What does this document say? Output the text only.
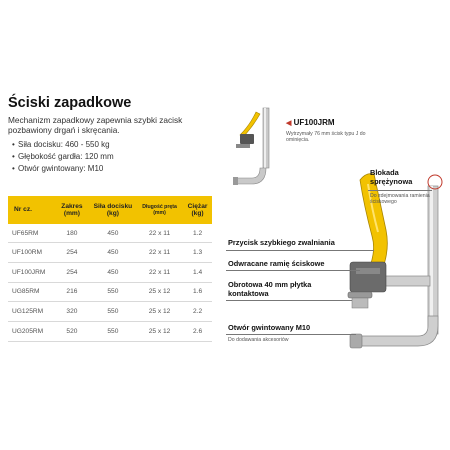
Ściski zapadkowe
Mechanizm zapadkowy zapewnia szybki zacisk pozbawiony drgań i skręcania.
• Siła docisku: 460 - 550 kg
• Głębokość gardła: 120 mm
• Otwór gwintowany: M10
Nr cz.	Zakres (mm)	Siła docisku (kg)	Długość pręta (mm)	Ciężar (kg)
UF65RM	180	450	22 x 11	1.2
UF100RM	254	450	22 x 11	1.3
UF100JRM	254	450	22 x 11	1.4
UG85RM	216	550	25 x 12	1.6
UG125RM	320	550	25 x 12	2.2
UG205RM	520	550	25 x 12	2.6
◀ UF100JRM
Wytrzymały 76 mm ścisk typu J do ominięcia.
Blokada sprężynowa
Do zdejmowania ramienia ściskowego
Przycisk szybkiego zwalniania
Odwracane ramię ściskowe
Obrotowa 40 mm płytka kontaktowa
Otwór gwintowany M10
Do dodawania akcesoriów
